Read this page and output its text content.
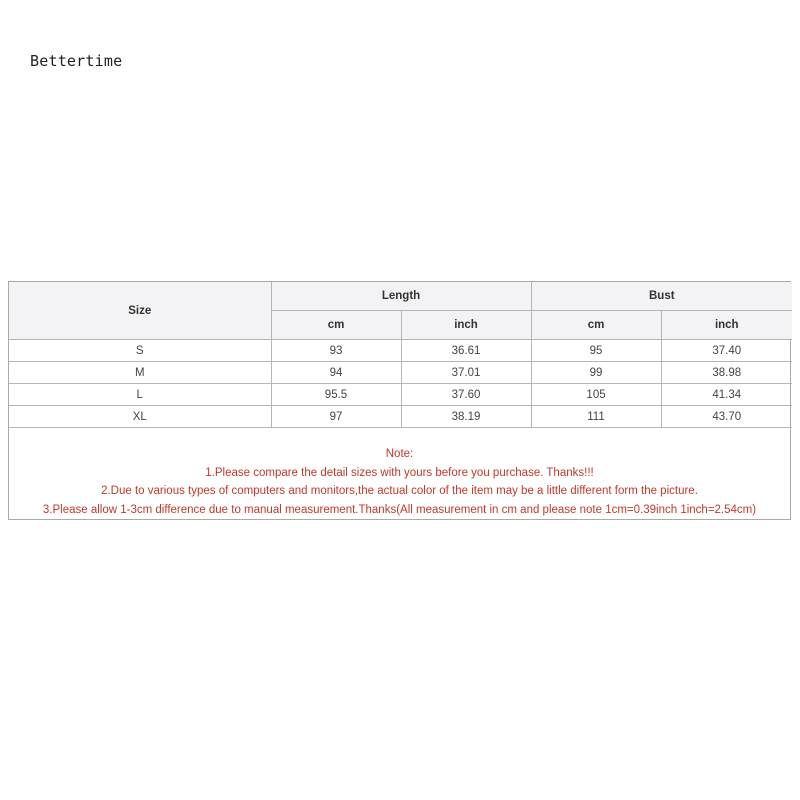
Bettertime
Size	Length		Bust	
	cm	inch	cm	inch
S	93	36.61	95	37.40
M	94	37.01	99	38.98
L	95.5	37.60	105	41.34
XL	97	38.19	111	43.70
Note:
1.Please compare the detail sizes with yours before you purchase. Thanks!!!
2.Due to various types of computers and monitors,the actual color of the item may be a little different form the picture.
3.Please allow 1-3cm difference due to manual measurement.Thanks(All measurement in cm and please note 1cm=0.39inch 1inch=2.54cm)
